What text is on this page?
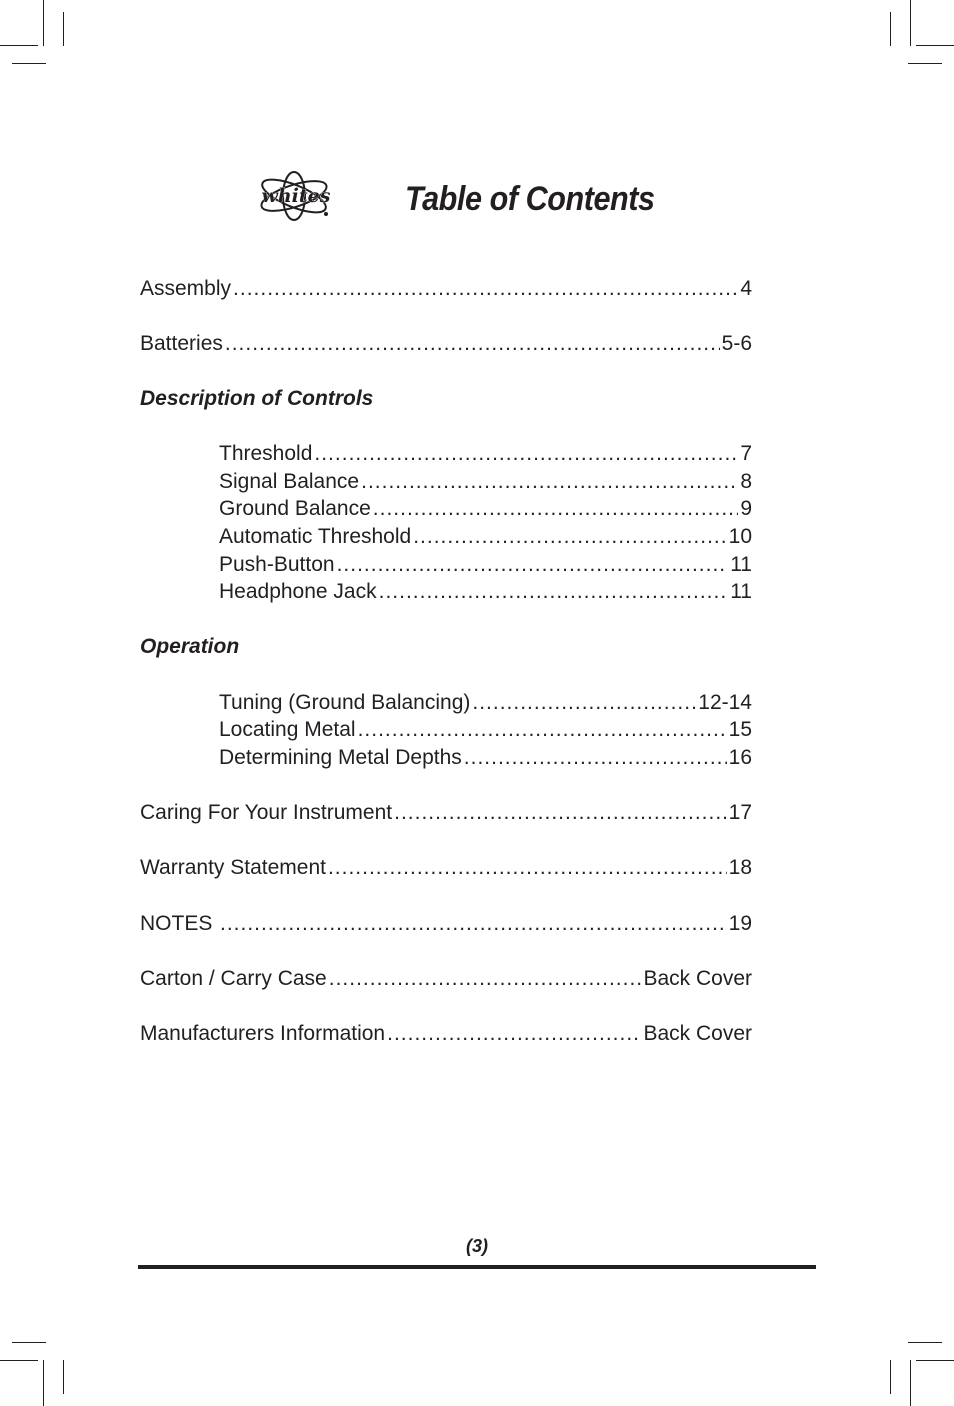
whites Table of Contents
Assembly .....	4
Batteries .....	5-6
Description of Controls
Threshold .....	7
Signal Balance .....	8
Ground Balance .....	9
Automatic Threshold .....	10
Push-Button .....	11
Headphone Jack .....	11
Operation
Tuning (Ground Balancing) .....	12-14
Locating Metal .....	15
Determining Metal Depths .....	16
Caring For Your Instrument .....	17
Warranty Statement .....	18
NOTES .....	19
Carton / Carry Case .....	Back Cover
Manufacturers Information .....	Back Cover
(3)
